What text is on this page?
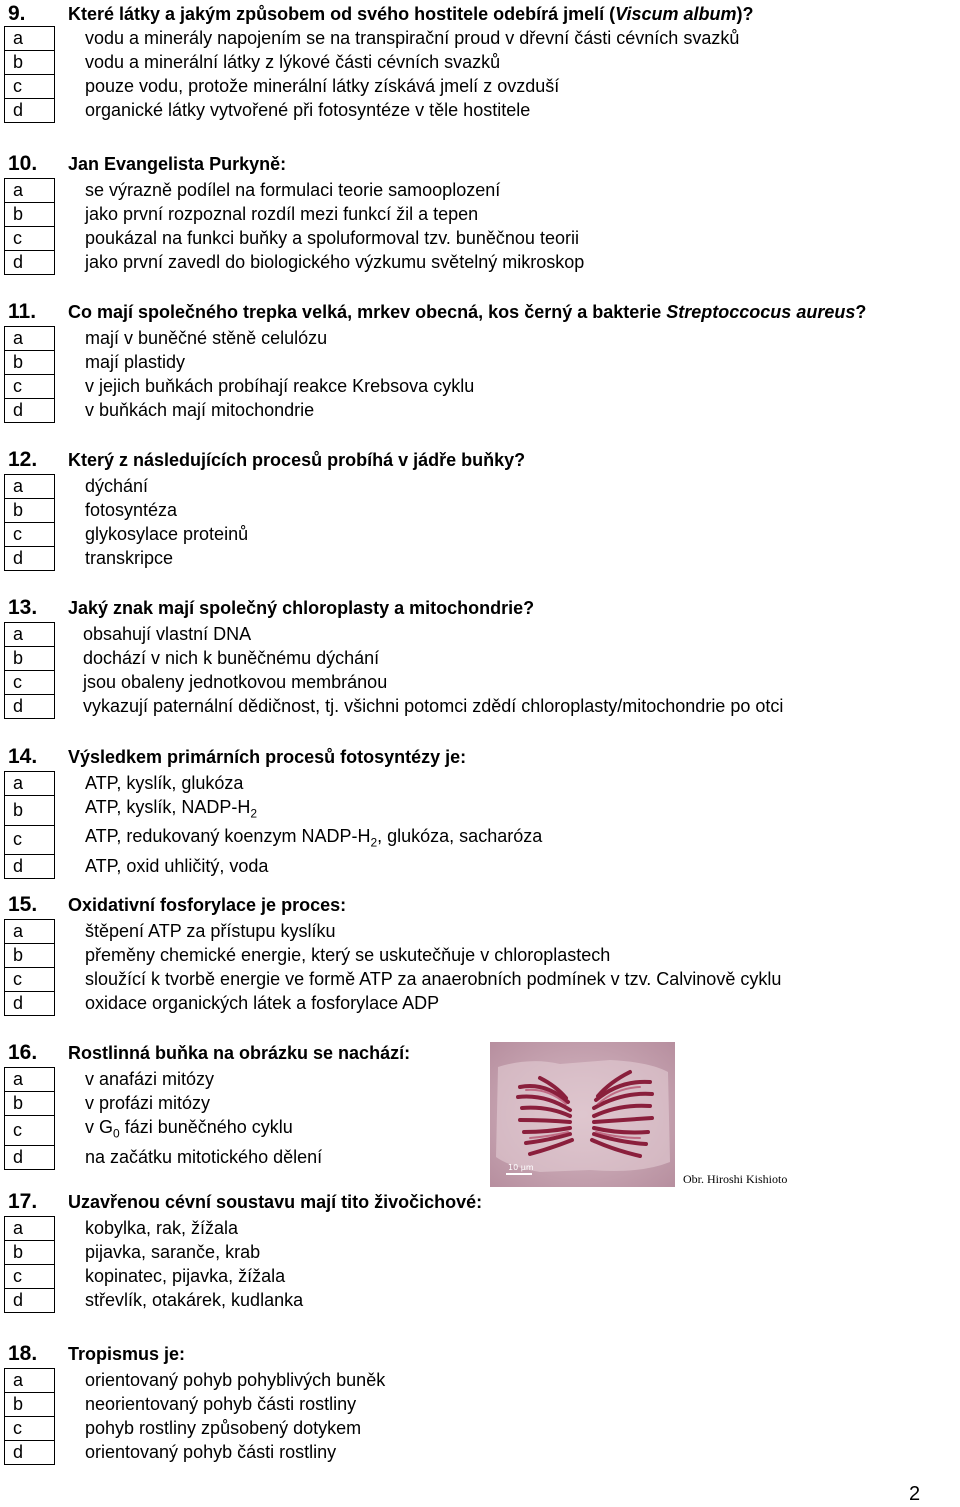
9.	Které látky a jakým způsobem od svého hostitele odebírá jmelí (Viscum album)?
a	vodu a minerály napojením se na transpirační proud v dřevní části cévních svazků
b	vodu a minerální látky z lýkové části cévních svazků
c	pouze vodu, protože minerální látky získává jmelí z ovzduší
d	organické látky vytvořené při fotosyntéze v těle hostitele
10.	Jan Evangelista Purkyně:
a	se výrazně podílel na formulaci teorie samooplození
b	jako první rozpoznal rozdíl mezi funkcí žil a tepen
c	poukázal na funkci buňky a spoluformoval tzv. buněčnou teorii
d	jako první zavedl do biologického výzkumu světelný mikroskop
11.	Co mají společného trepka velká, mrkev obecná, kos černý a bakterie Streptoccocus aureus?
a	mají v buněčné stěně celulózu
b	mají plastidy
c	v jejich buňkách probíhají reakce Krebsova cyklu
d	v buňkách mají mitochondrie
12.	Který z následujících procesů probíhá v jádře buňky?
a	dýchání
b	fotosyntéza
c	glykosylace proteinů
d	transkripce
13.	Jaký znak mají společný chloroplasty a mitochondrie?
a	obsahují vlastní DNA
b	dochází v nich k buněčnému dýchání
c	jsou obaleny jednotkovou membránou
d	vykazují paternální dědičnost, tj. všichni potomci zdědí chloroplasty/mitochondrie po otci
14.	Výsledkem primárních procesů fotosyntézy je:
a	ATP, kyslík, glukóza
b	ATP, kyslík, NADP-$H_2$
c	ATP, redukovaný koenzym NADP-$H_2$, glukóza, sacharóza
d	ATP, oxid uhličitý, voda
15.	Oxidativní fosforylace je proces:
a	štěpení ATP za přístupu kyslíku
b	přeměny chemické energie, který se uskutečňuje v chloroplastech
c	sloužící k tvorbě energie ve formě ATP za anaerobních podmínek v tzv. Calvinově cyklu
d	oxidace organických látek a fosforylace ADP
16.	Rostlinná buňka na obrázku se nachází:
a	v anafázi mitózy
b	v profázi mitózy
c	v $G_0$ fázi buněčného cyklu
d	na začátku mitotického dělení
10 µm
Obr. Hiroshi Kishioto
17.	Uzavřenou cévní soustavu mají tito živočichové:
a	kobylka, rak, žížala
b	pijavka, saranče, krab
c	kopinatec, pijavka, žížala
d	střevlík, otakárek, kudlanka
18.	Tropismus je:
a	orientovaný pohyb pohyblivých buněk
b	neorientovaný pohyb části rostliny
c	pohyb rostliny způsobený dotykem
d	orientovaný pohyb části rostliny
2
